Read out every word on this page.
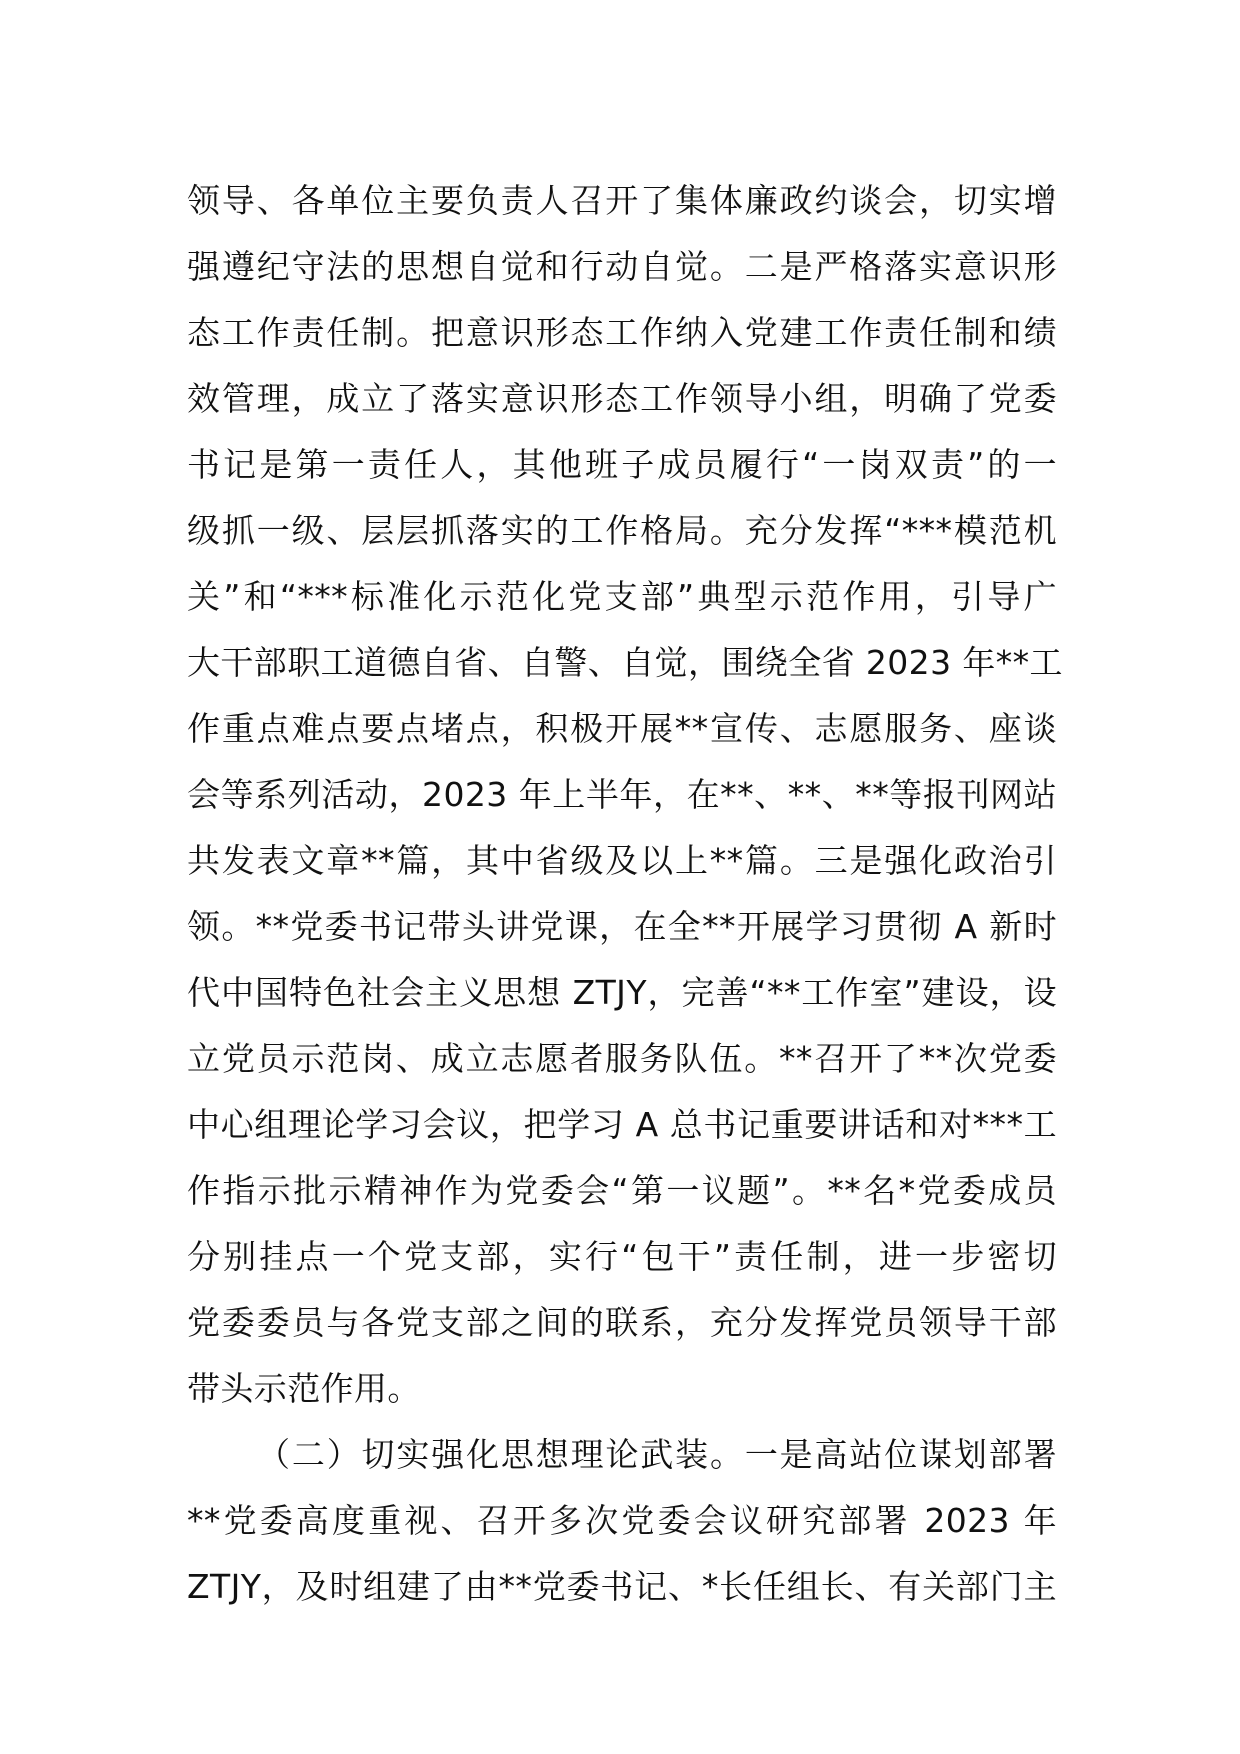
领导、各单位主要负责人召开了集体廉政约谈会，切实增
强遵纪守法的思想自觉和行动自觉。二是严格落实意识形
态工作责任制。把意识形态工作纳入党建工作责任制和绩
效管理，成立了落实意识形态工作领导小组，明确了党委
书记是第一责任人，其他班子成员履行“一岗双责”的一
级抓一级、层层抓落实的工作格局。充分发挥“***模范机
关”和“***标准化示范化党支部”典型示范作用，引导广
大干部职工道德自省、自警、自觉，围绕全省 2023 年**工
作重点难点要点堵点，积极开展**宣传、志愿服务、座谈
会等系列活动，2023 年上半年，在**、**、**等报刊网站
共发表文章**篇，其中省级及以上**篇。三是强化政治引
领。**党委书记带头讲党课，在全**开展学习贯彻 A 新时
代中国特色社会主义思想 ZTJY，完善“**工作室”建设，设
立党员示范岗、成立志愿者服务队伍。**召开了**次党委
中心组理论学习会议，把学习 A 总书记重要讲话和对***工
作指示批示精神作为党委会“第一议题”。**名*党委成员
分别挂点一个党支部，实行“包干”责任制，进一步密切
党委委员与各党支部之间的联系，充分发挥党员领导干部
带头示范作用。
（二）切实强化思想理论武装。一是高站位谋划部署
**党委高度重视、召开多次党委会议研究部署 2023 年
ZTJY，及时组建了由**党委书记、*长任组长、有关部门主
